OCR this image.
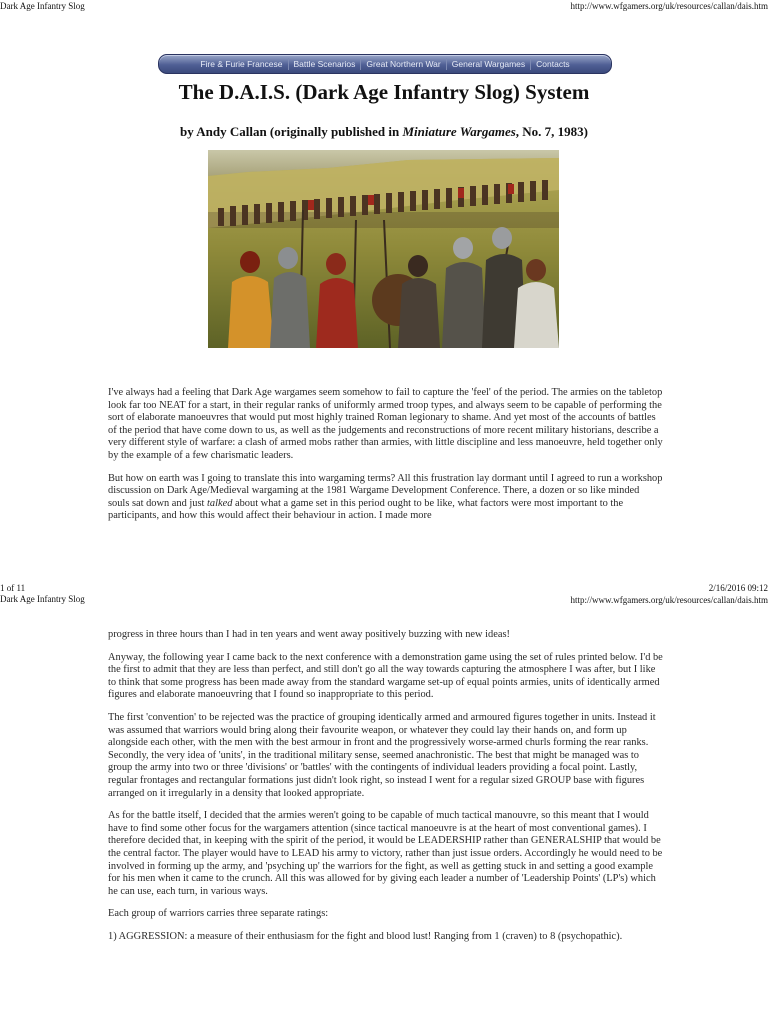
Dark Age Infantry Slog	http://www.wfgamers.org/uk/resources/callan/dais.htm
Fire & Furie Francese	Battle Scenarios	Great Northern War	General Wargames	Contacts
The D.A.I.S. (Dark Age Infantry Slog) System
by Andy Callan (originally published in Miniature Wargames, No. 7, 1983)

I've always had a feeling that Dark Age wargames seem somehow to fail to capture the 'feel' of the period. The armies on the tabletop look far too NEAT for a start, in their regular ranks of uniformly armed troop types, and always seem to be capable of performing the sort of elaborate manoeuvres that would put most highly trained Roman legionary to shame. And yet most of the accounts of battles of the period that have come down to us, as well as the judgements and reconstructions of more recent military historians, describe a very different style of warfare: a clash of armed mobs rather than armies, with little discipline and less manoeuvre, held together only by the example of a few charismatic leaders.

But how on earth was I going to translate this into wargaming terms? All this frustration lay dormant until I agreed to run a workshop discussion on Dark Age/Medieval wargaming at the 1981 Wargame Development Conference. There, a dozen or so like minded souls sat down and just talked about what a game set in this period ought to be like, what factors were most important to the participants, and how this would affect their behaviour in action. I made more

1 of 11	2/16/2016 09:12
Dark Age Infantry Slog	http://www.wfgamers.org/uk/resources/callan/dais.htm

progress in three hours than I had in ten years and went away positively buzzing with new ideas!

Anyway, the following year I came back to the next conference with a demonstration game using the set of rules printed below. I'd be the first to admit that they are less than perfect, and still don't go all the way towards capturing the atmosphere I was after, but I like to think that some progress has been made away from the standard wargame set-up of equal points armies, units of identically armed figures and elaborate manoeuvring that I found so inappropriate to this period.

The first 'convention' to be rejected was the practice of grouping identically armed and armoured figures together in units. Instead it was assumed that warriors would bring along their favourite weapon, or whatever they could lay their hands on, and form up alongside each other, with the men with the best armour in front and the progressively worse-armed churls forming the rear ranks. Secondly, the very idea of 'units', in the traditional military sense, seemed anachronistic. The best that might be managed was to group the army into two or three 'divisions' or 'battles' with the contingents of individual leaders providing a focal point. Lastly, regular frontages and rectangular formations just didn't look right, so instead I went for a regular sized GROUP base with figures arranged on it irregularly in a density that looked appropriate.

As for the battle itself, I decided that the armies weren't going to be capable of much tactical manouvre, so this meant that I would have to find some other focus for the wargamers attention (since tactical manoeuvre is at the heart of most conventional games). I therefore decided that, in keeping with the spirit of the period, it would be LEADERSHIP rather than GENERALSHIP that would be the central factor. The player would have to LEAD his army to victory, rather than just issue orders. Accordingly he would need to be involved in forming up the army, and 'psyching up' the warriors for the fight, as well as getting stuck in and setting a good example for his men when it came to the crunch. All this was allowed for by giving each leader a number of 'Leadership Points' (LP's) which he can use, each turn, in various ways.

Each group of warriors carries three separate ratings:

1) AGGRESSION: a measure of their enthusiasm for the fight and blood lust! Ranging from 1 (craven) to 8 (psychopathic).
